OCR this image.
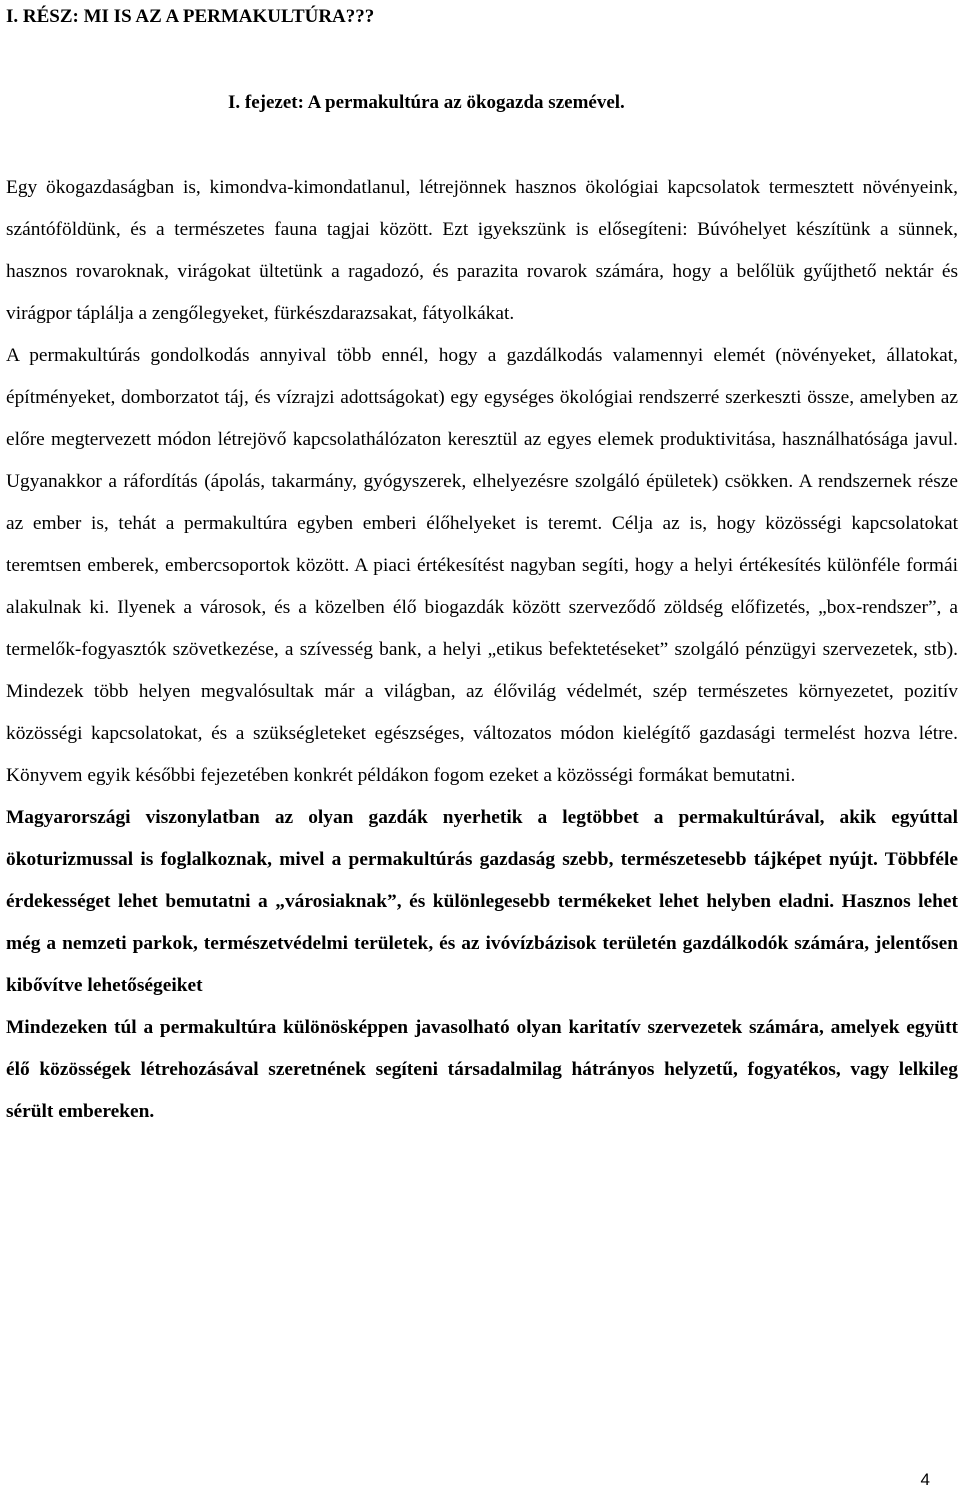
I. RÉSZ: MI IS AZ A PERMAKULTÚRA???
I. fejezet: A permakultúra az ökogazda szemével.

Egy ökogazdaságban is, kimondva-kimondatlanul, létrejönnek hasznos ökológiai kapcsolatok termesztett növényeink, szántóföldünk, és a természetes fauna tagjai között. Ezt igyekszünk is elősegíteni: Búvóhelyet készítünk a sünnek, hasznos rovaroknak, virágokat ültetünk a ragadozó, és parazita rovarok számára, hogy a belőlük gyűjthető nektár és virágpor táplálja a zengőlegyeket, fürkészdarazsakat, fátyolkákat.

A permakultúrás gondolkodás annyival több ennél, hogy a gazdálkodás valamennyi elemét (növényeket, állatokat, építményeket, domborzatot táj, és vízrajzi adottságokat) egy egységes ökológiai rendszerré szerkeszti össze, amelyben az előre megtervezett módon létrejövő kapcsolathálózaton keresztül az egyes elemek produktivitása, használhatósága javul. Ugyanakkor a ráfordítás (ápolás, takarmány, gyógyszerek, elhelyezésre szolgáló épületek) csökken. A rendszernek része az ember is, tehát a permakultúra egyben emberi élőhelyeket is teremt. Célja az is, hogy közösségi kapcsolatokat teremtsen emberek, embercsoportok között. A piaci értékesítést nagyban segíti, hogy a helyi értékesítés különféle formái alakulnak ki. Ilyenek a városok, és a közelben élő biogazdák között szerveződő zöldség előfizetés, „box-rendszer”, a termelők-fogyasztók szövetkezése, a szívesség bank, a helyi „etikus befektetéseket” szolgáló pénzügyi szervezetek, stb). Mindezek több helyen megvalósultak már a világban, az élővilág védelmét, szép természetes környezetet, pozitív közösségi kapcsolatokat, és a szükségleteket egészséges, változatos módon kielégítő gazdasági termelést hozva létre. Könyvem egyik későbbi fejezetében konkrét példákon fogom ezeket a közösségi formákat bemutatni.

Magyarországi viszonylatban az olyan gazdák nyerhetik a legtöbbet a permakultúrával, akik egyúttal ökoturizmussal is foglalkoznak, mivel a permakultúrás gazdaság szebb, természetesebb tájképet nyújt. Többféle érdekességet lehet bemutatni a „városiaknak”, és különlegesebb termékeket lehet helyben eladni. Hasznos lehet még a nemzeti parkok, természetvédelmi területek, és az ivóvízbázisok területén gazdálkodók számára, jelentősen kibővítve lehetőségeiket

Mindezeken túl a permakultúra különösképpen javasolható olyan karitatív szervezetek számára, amelyek együtt élő közösségek létrehozásával szeretnének segíteni társadalmilag hátrányos helyzetű, fogyatékos, vagy lelkileg sérült embereken.

4
